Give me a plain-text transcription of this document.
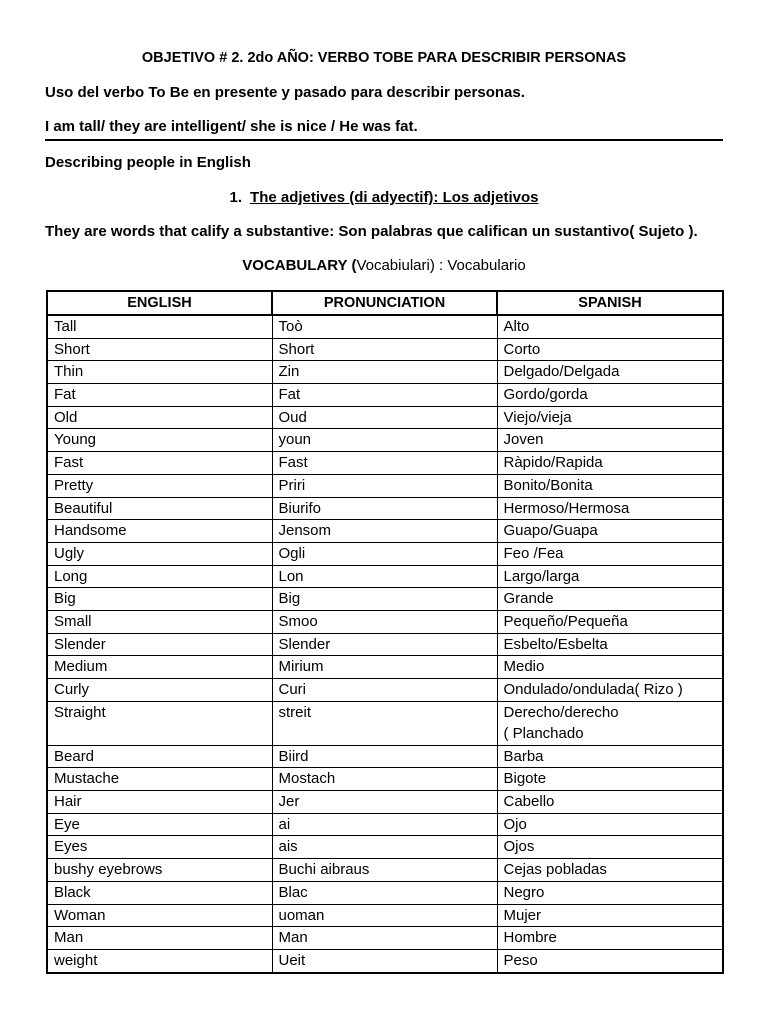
OBJETIVO # 2. 2do AÑO: VERBO TOBE PARA DESCRIBIR PERSONAS
Uso del verbo To Be en presente y pasado para describir personas.
I am tall/ they are intelligent/ she is nice / He was fat.
Describing people in English
1. The adjetives (di adyectif): Los adjetivos
They are words that calify a substantive: Son palabras que califican un sustantivo( Sujeto ).
VOCABULARY (Vocabiulari) : Vocabulario
ENGLISH	PRONUNCIATION	SPANISH
Tall	Toò	Alto
Short	Short	Corto
Thin	Zin	Delgado/Delgada
Fat	Fat	Gordo/gorda
Old	Oud	Viejo/vieja
Young	youn	Joven
Fast	Fast	Ràpido/Rapida
Pretty	Priri	Bonito/Bonita
Beautiful	Biurifo	Hermoso/Hermosa
Handsome	Jensom	Guapo/Guapa
Ugly	Ogli	Feo /Fea
Long	Lon	Largo/larga
Big	Big	Grande
Small	Smoo	Pequeño/Pequeña
Slender	Slender	Esbelto/Esbelta
Medium	Mirium	Medio
Curly	Curi	Ondulado/ondulada( Rizo )
Straight	streit	Derecho/derecho
( Planchado
Beard	Biird	Barba
Mustache	Mostach	Bigote
Hair	Jer	Cabello
Eye	ai	Ojo
Eyes	ais	Ojos
bushy eyebrows	Buchi aibraus	Cejas pobladas
Black	Blac	Negro
Woman	uoman	Mujer
Man	Man	Hombre
weight	Ueit	Peso
